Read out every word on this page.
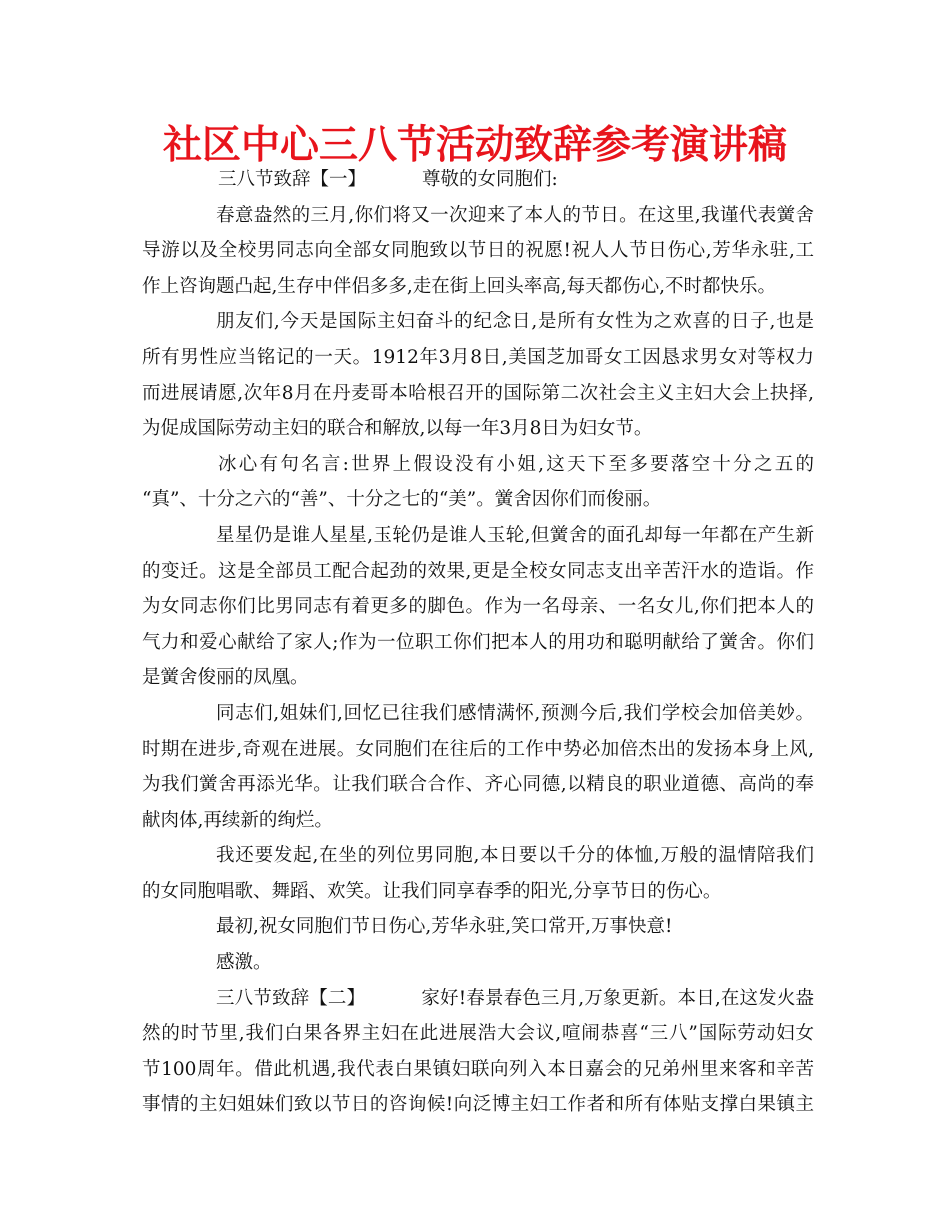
社区中心三八节活动致辞参考演讲稿
三八节致辞【一】	尊敬的女同胞们:
春意盎然的三月,你们将又一次迎来了本人的节日。在这里,我谨代表黉舍
导游以及全校男同志向全部女同胞致以节日的祝愿!祝人人节日伤心,芳华永驻,工
作上咨询题凸起,生存中伴侣多多,走在街上回头率高,每天都伤心,不时都快乐。
朋友们,今天是国际主妇奋斗的纪念日,是所有女性为之欢喜的日子,也是
所有男性应当铭记的一天。1912年3月8日,美国芝加哥女工因恳求男女对等权力
而进展请愿,次年8月在丹麦哥本哈根召开的国际第二次社会主义主妇大会上抉择,
为促成国际劳动主妇的联合和解放,以每一年3月8日为妇女节。
冰心有句名言:世界上假设没有小姐,这天下至多要落空十分之五的
“真”、十分之六的“善”、十分之七的“美”。黉舍因你们而俊丽。
星星仍是谁人星星,玉轮仍是谁人玉轮,但黉舍的面孔却每一年都在产生新
的变迁。这是全部员工配合起劲的效果,更是全校女同志支出辛苦汗水的造诣。作
为女同志你们比男同志有着更多的脚色。作为一名母亲、一名女儿,你们把本人的
气力和爱心献给了家人;作为一位职工你们把本人的用功和聪明献给了黉舍。你们
是黉舍俊丽的凤凰。
同志们,姐妹们,回忆已往我们感情满怀,预测今后,我们学校会加倍美妙。
时期在进步,奇观在进展。女同胞们在往后的工作中势必加倍杰出的发扬本身上风,
为我们黉舍再添光华。让我们联合合作、齐心同德,以精良的职业道德、高尚的奉
献肉体,再续新的绚烂。
我还要发起,在坐的列位男同胞,本日要以千分的体恤,万般的温情陪我们
的女同胞唱歌、舞蹈、欢笑。让我们同享春季的阳光,分享节日的伤心。
最初,祝女同胞们节日伤心,芳华永驻,笑口常开,万事快意!
感激。
三八节致辞【二】	家好!春景春色三月,万象更新。本日,在这发火盎
然的时节里,我们白果各界主妇在此进展浩大会议,喧闹恭喜“三八”国际劳动妇女
节100周年。借此机遇,我代表白果镇妇联向列入本日嘉会的兄弟州里来客和辛苦
事情的主妇姐妹们致以节日的咨询候!向泛博主妇工作者和所有体贴支撑白果镇主
